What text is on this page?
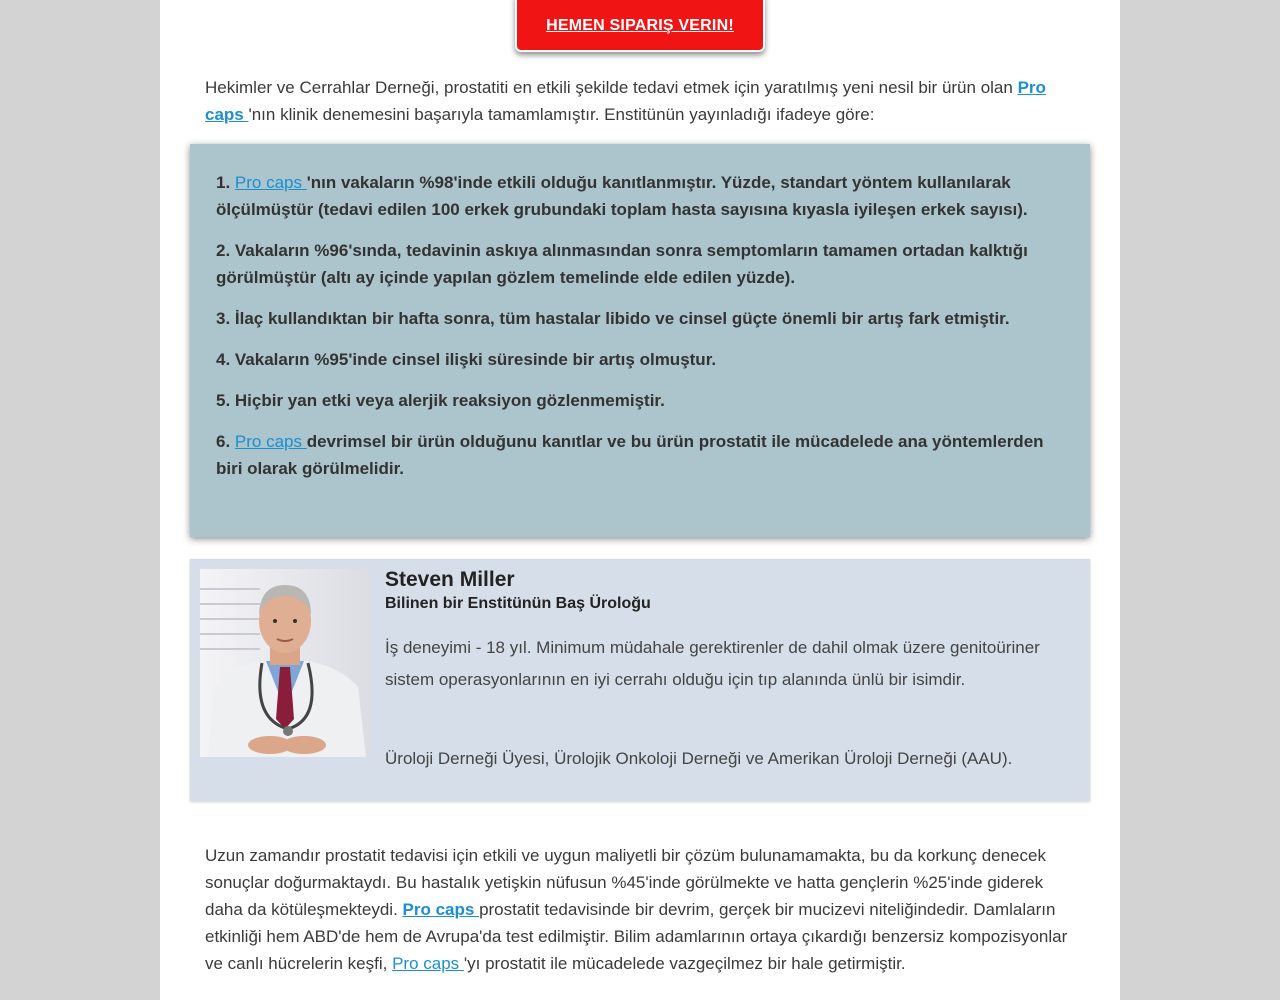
HEMEN SIPARIŞ VERIN!

Hekimler ve Cerrahlar Derneği, prostatiti en etkili şekilde tedavi etmek için yaratılmış yeni nesil bir ürün olan Pro caps 'nın klinik denemesini başarıyla tamamlamıştır. Enstitünün yayınladığı ifadeye göre:

1. Pro caps 'nın vakaların %98'inde etkili olduğu kanıtlanmıştır. Yüzde, standart yöntem kullanılarak ölçülmüştür (tedavi edilen 100 erkek grubundaki toplam hasta sayısına kıyasla iyileşen erkek sayısı).

2. Vakaların %96'sında, tedavinin askıya alınmasından sonra semptomların tamamen ortadan kalktığı görülmüştür (altı ay içinde yapılan gözlem temelinde elde edilen yüzde).

3. İlaç kullandıktan bir hafta sonra, tüm hastalar libido ve cinsel güçte önemli bir artış fark etmiştir.

4. Vakaların %95'inde cinsel ilişki süresinde bir artış olmuştur.

5. Hiçbir yan etki veya alerjik reaksiyon gözlenmemiştir.

6. Pro caps devrimsel bir ürün olduğunu kanıtlar ve bu ürün prostatit ile mücadelede ana yöntemlerden biri olarak görülmelidir.

Steven Miller
Bilinen bir Enstitünün Baş Üroloğu

İş deneyimi - 18 yıl. Minimum müdahale gerektirenler de dahil olmak üzere genitoüriner sistem operasyonlarının en iyi cerrahı olduğu için tıp alanında ünlü bir isimdir.

Üroloji Derneği Üyesi, Ürolojik Onkoloji Derneği ve Amerikan Üroloji Derneği (AAU).

Uzun zamandır prostatit tedavisi için etkili ve uygun maliyetli bir çözüm bulunamamakta, bu da korkunç denecek sonuçlar doğurmaktaydı. Bu hastalık yetişkin nüfusun %45'inde görülmekte ve hatta gençlerin %25'inde giderek daha da kötüleşmekteydi. Pro caps prostatit tedavisinde bir devrim, gerçek bir mucizevi niteliğindedir. Damlaların etkinliği hem ABD'de hem de Avrupa'da test edilmiştir. Bilim adamlarının ortaya çıkardığı benzersiz kompozisyonlar ve canlı hücrelerin keşfi, Pro caps 'yı prostatit ile mücadelede vazgeçilmez bir hale getirmiştir.
